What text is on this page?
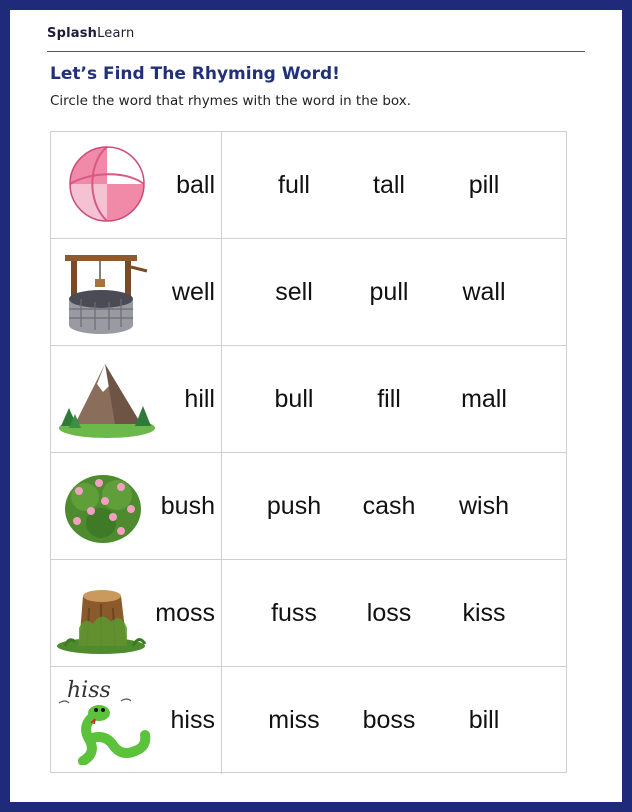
SplashLearn
Let’s Find The Rhyming Word!
Circle the word that rhymes with the word in the box.
ball	full	tall	pill
well	sell	pull	wall
hill	bull	fill	mall
bush	push	cash	wish
moss	fuss	loss	kiss
hiss
hiss	miss	boss	bill
